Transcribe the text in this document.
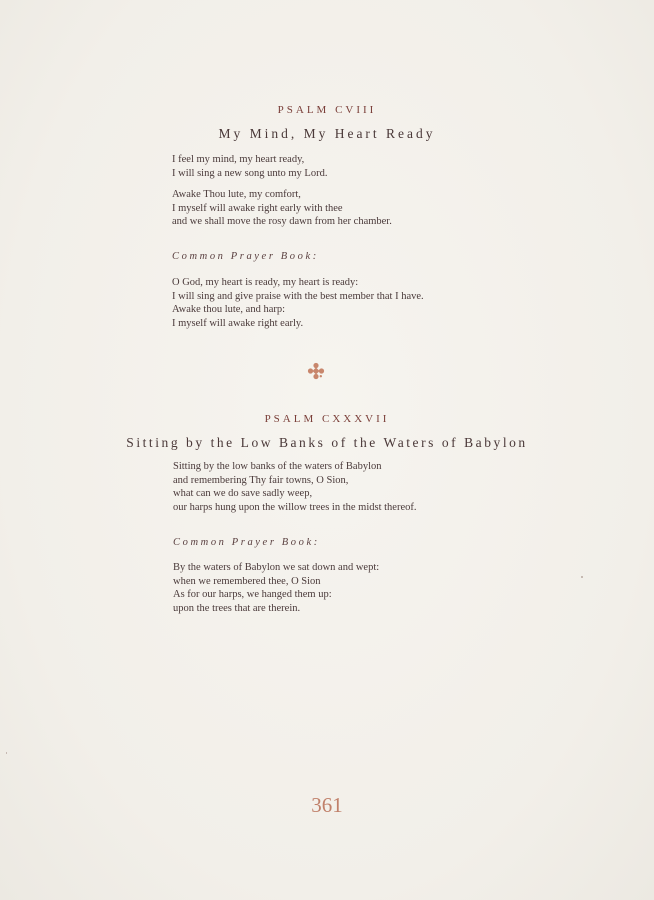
PSALM CVIII
My Mind, My Heart Ready
I feel my mind, my heart ready,
I will sing a new song unto my Lord.
Awake Thou lute, my comfort,
I myself will awake right early with thee
and we shall move the rosy dawn from her chamber.
Common Prayer Book:
O God, my heart is ready, my heart is ready:
I will sing and give praise with the best member that I have.
Awake thou lute, and harp:
I myself will awake right early.
PSALM CXXXVII
Sitting by the Low Banks of the Waters of Babylon
Sitting by the low banks of the waters of Babylon
and remembering Thy fair towns, O Sion,
what can we do save sadly weep,
our harps hung upon the willow trees in the midst thereof.
Common Prayer Book:
By the waters of Babylon we sat down and wept:
when we remembered thee, O Sion
As for our harps, we hanged them up:
upon the trees that are therein.
361
